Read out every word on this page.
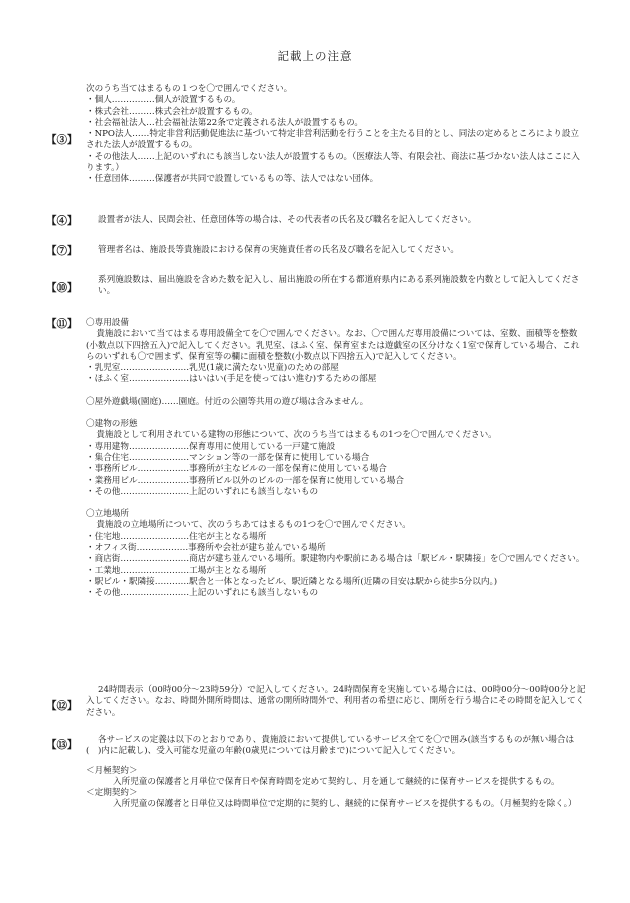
記載上の注意
【③】

次のうち当てはまるもの１つを〇で囲んでください。

・個人……………個人が設置するもの。

・株式会社………株式会社が設置するもの。

・社会福祉法人…社会福祉法第22条で定義される法人が設置するもの。

・NPO法人……特定非営利活動促進法に基づいて特定非営利活動を行うことを主たる目的とし、同法の定めるところにより設立された法人が設置するもの。

・その他法人……上記のいずれにも該当しない法人が設置するもの。（医療法人等、有限会社、商法に基づかない法人はここに入ります。）

・任意団体………保護者が共同で設置しているもの等、法人ではない団体。

【④】	設置者が法人、民間会社、任意団体等の場合は、その代表者の氏名及び職名を記入してください。

【⑦】	管理者名は、施設長等貴施設における保育の実施責任者の氏名及び職名を記入してください。

【⑩】

系列施設数は、届出施設を含めた数を記入し、届出施設の所在する都道府県内にある系列施設数を内数として記入してください。

【⑪】 〇専用設備

貴施設において当てはまる専用設備全てを〇で囲んでください。なお、〇で囲んだ専用設備については、室数、面積等を整数(小数点以下四捨五入)で記入してください。乳児室、ほふく室、保育室または遊戯室の区分けなく1室で保育している場合、これらのいずれも〇で囲まず、保育室等の欄に面積を整数(小数点以下四捨五入)で記入してください。

・乳児室……………………乳児(1歳に満たない児童)のための部屋

・ほふく室…………………はいはい(手足を使ってはい進む)するための部屋

〇屋外遊戯場(園庭)……園庭。付近の公園等共用の遊び場は含みません。

〇建物の形態

貴施設として利用されている建物の形態について、次のうち当てはまるもの1つを〇で囲んでください。

・専用建物…………………保育専用に使用している一戸建て施設

・集合住宅…………………マンション等の一部を保育に使用している場合

・事務所ビル………………事務所が主なビルの一部を保育に使用している場合

・業務用ビル………………事務所ビル以外のビルの一部を保育に使用している場合

・その他……………………上記のいずれにも該当しないもの

〇立地場所

貴施設の立地場所について、次のうちあてはまるもの1つを〇で囲んでください。

・住宅地……………………住宅が主となる場所

・オフィス街………………事務所や会社が建ち並んでいる場所

・商店街……………………商店が建ち並んでいる場所。駅建物内や駅前にある場合は「駅ビル・駅隣接」を〇で囲んでください。

・工業地……………………工場が主となる場所

・駅ビル・駅隣接…………駅舎と一体となったビル、駅近隣となる場所(近隣の目安は駅から徒歩5分以内。)

・その他……………………上記のいずれにも該当しないもの

【⑫】

24時間表示（00時00分～23時59分）で記入してください。24時間保育を実施している場合には、00時00分～00時00分と記入してください。なお、時間外開所時間は、通常の開所時間外で、利用者の希望に応じ、開所を行う場合にその時間を記入してください。

【⑬】	各サービスの定義は以下のとおりであり、貴施設において提供しているサービス全てを〇で囲み(該当するものが無い場合は(　)内に記載し)、受入可能な児童の年齢(0歳児については月齢まで)について記入してください。

＜月極契約＞

入所児童の保護者と月単位で保育日や保育時間を定めて契約し、月を通して継続的に保育サービスを提供するもの。

＜定期契約＞

入所児童の保護者と日単位又は時間単位で定期的に契約し、継続的に保育サービスを提供するもの。（月極契約を除く。）
